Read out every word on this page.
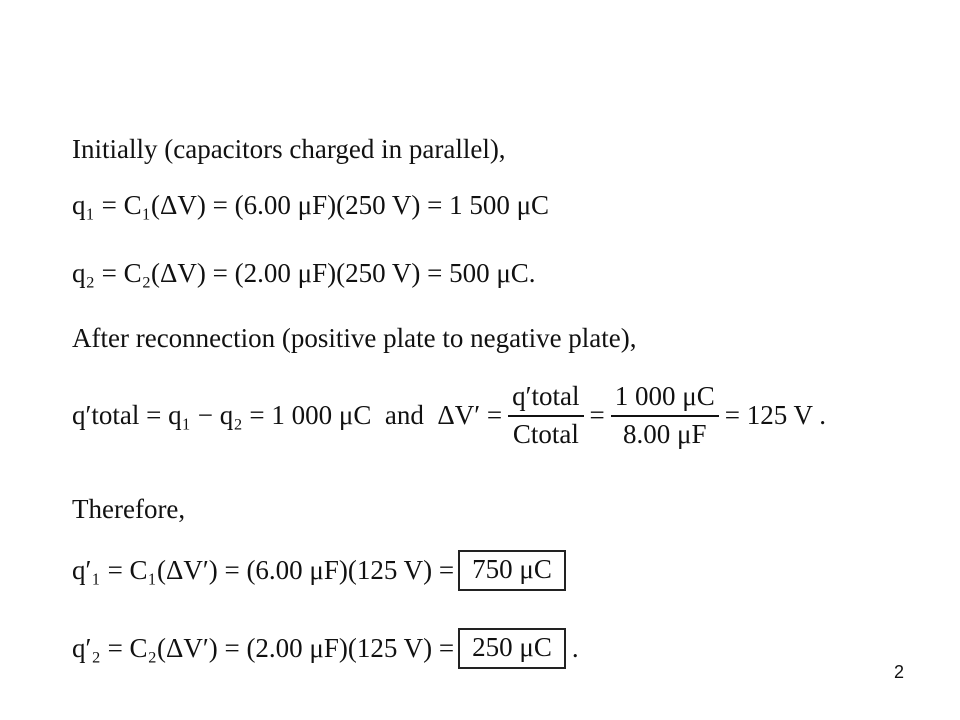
Initially (capacitors charged in parallel),
q₁ = C₁(ΔV) = (6.00 μF)(250 V) = 1 500 μC
q₂ = C₂(ΔV) = (2.00 μF)(250 V) = 500 μC.
After reconnection (positive plate to negative plate),
q′total = q₁ − q₂ = 1 000 μC  and  $\Delta V' = \frac{\text{q′total}}{\text{Ctotal}} = \frac{1 000 \mu C}{8.00 \mu F} = 125$ V .
Therefore,
q′₁ = C₁(ΔV′) = (6.00 μF)(125 V) = 750 μC
q′₂ = C₂(ΔV′) = (2.00 μF)(125 V) = 250 μC .
2
